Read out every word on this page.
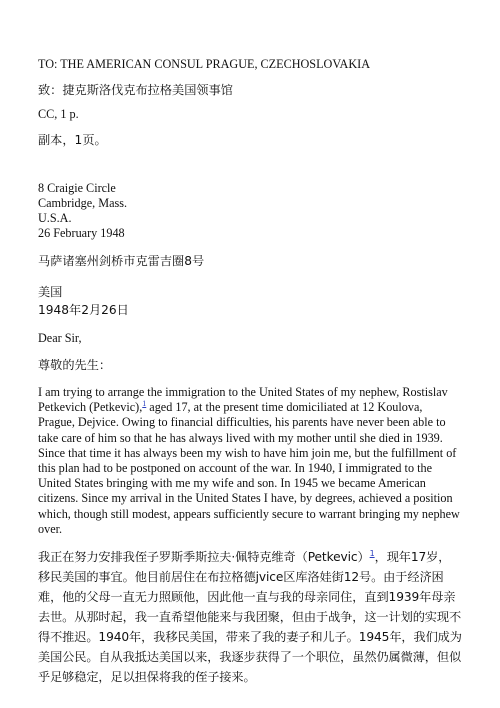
TO: THE AMERICAN CONSUL PRAGUE, CZECHOSLOVAKIA

致：捷克斯洛伐克布拉格美国领事馆

CC, 1 p.

副本，1页。

8 Craigie Circle
Cambridge, Mass.
U.S.A.
26 February 1948
马萨诸塞州剑桥市克雷吉圈8号
美国
1948年2月26日

Dear Sir,

尊敬的先生：

I am trying to arrange the immigration to the United States of my nephew, Rostislav Petkevich (Petkevic),$^1$ aged 17, at the present time domiciliated at 12 Koulova, Prague, Dejvice. Owing to financial difficulties, his parents have never been able to take care of him so that he has always lived with my mother until she died in 1939. Since that time it has always been my wish to have him join me, but the fulfillment of this plan had to be postponed on account of the war. In 1940, I immigrated to the United States bringing with me my wife and son. In 1945 we became American citizens. Since my arrival in the United States I have, by degrees, achieved a position which, though still modest, appears sufficiently secure to warrant bringing my nephew over.

我正在努力安排我侄子罗斯季斯拉夫·佩特克维奇（Petkevic）$^1$，现年17岁，移民美国的事宜。他目前居住在布拉格德jvice区库洛娃街12号。由于经济困难，他的父母一直无力照顾他，因此他一直与我的母亲同住，直到1939年母亲去世。从那时起，我一直希望他能来与我团聚，但由于战争，这一计划的实现不得不推迟。1940年，我移民美国，带来了我的妻子和儿子。1945年，我们成为美国公民。自从我抵达美国以来，我逐步获得了一个职位，虽然仍属微薄，但似乎足够稳定，足以担保将我的侄子接来。
